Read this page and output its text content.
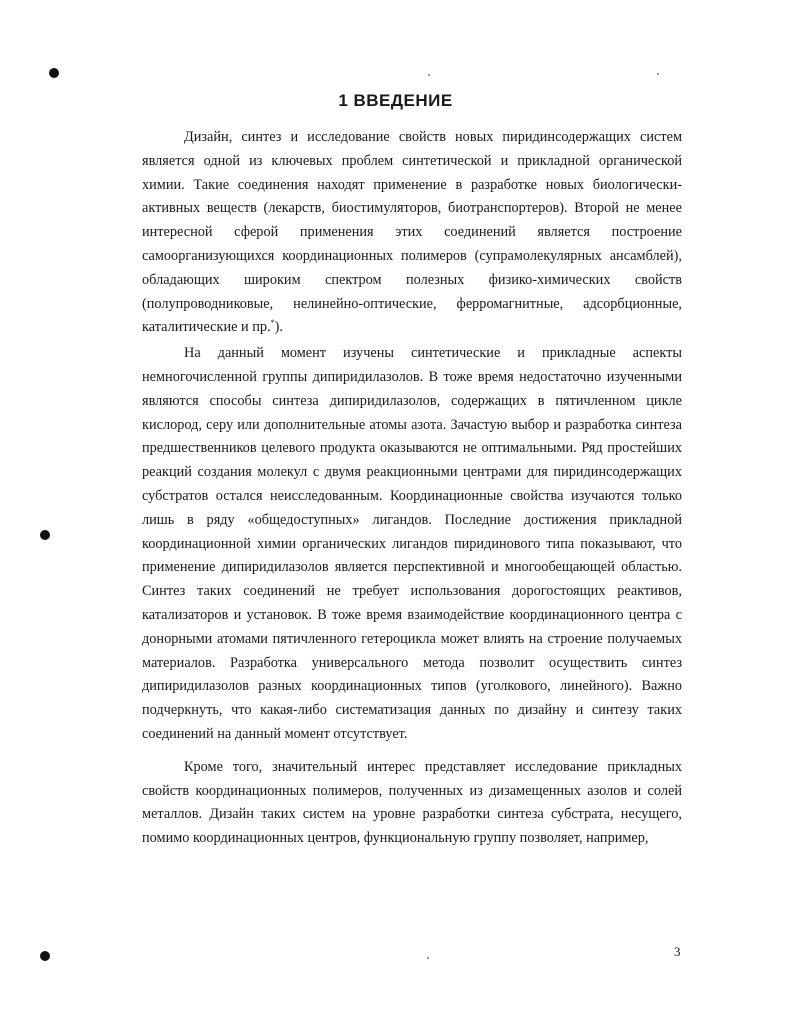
1 ВВЕДЕНИЕ

Дизайн, синтез и исследование свойств новых пиридинсодержащих систем является одной из ключевых проблем синтетической и прикладной органической химии. Такие соединения находят применение в разработке новых биологически- активных веществ (лекарств, биостимуляторов, биотранспортеров). Второй не менее интересной сферой применения этих соединений является построение самоорганизующихся координационных полимеров (супрамолекулярных ансамблей), обладающих широким спектром полезных физико-химических свойств (полупроводниковые, нелинейно-оптические, ферромагнитные, адсорбционные, каталитические и пр.*).

На данный момент изучены синтетические и прикладные аспекты немногочисленной группы дипиридилазолов. В тоже время недостаточно изученными являются способы синтеза дипиридилазолов, содержащих в пятичленном цикле кислород, серу или дополнительные атомы азота. Зачастую выбор и разработка синтеза предшественников целевого продукта оказываются не оптимальными. Ряд простейших реакций создания молекул с двумя реакционными центрами для пиридинсодержащих субстратов остался неисследованным. Координационные свойства изучаются только лишь в ряду «общедоступных» лигандов. Последние достижения прикладной координационной химии органических лигандов пиридинового типа показывают, что применение дипиридилазолов является перспективной и многообещающей областью. Синтез таких соединений не требует использования дорогостоящих реактивов, катализаторов и установок. В тоже время взаимодействие координационного центра с донорными атомами пятичленного гетероцикла может влиять на строение получаемых материалов. Разработка универсального метода позволит осуществить синтез дипиридилазолов разных координационных типов (уголкового, линейного). Важно подчеркнуть, что какая-либо систематизация данных по дизайну и синтезу таких соединений на данный момент отсутствует.

Кроме того, значительный интерес представляет исследование прикладных свойств координационных полимеров, полученных из дизамещенных азолов и солей металлов. Дизайн таких систем на уровне разработки синтеза субстрата, несущего, помимо координационных центров, функциональную группу позволяет, например,

3
